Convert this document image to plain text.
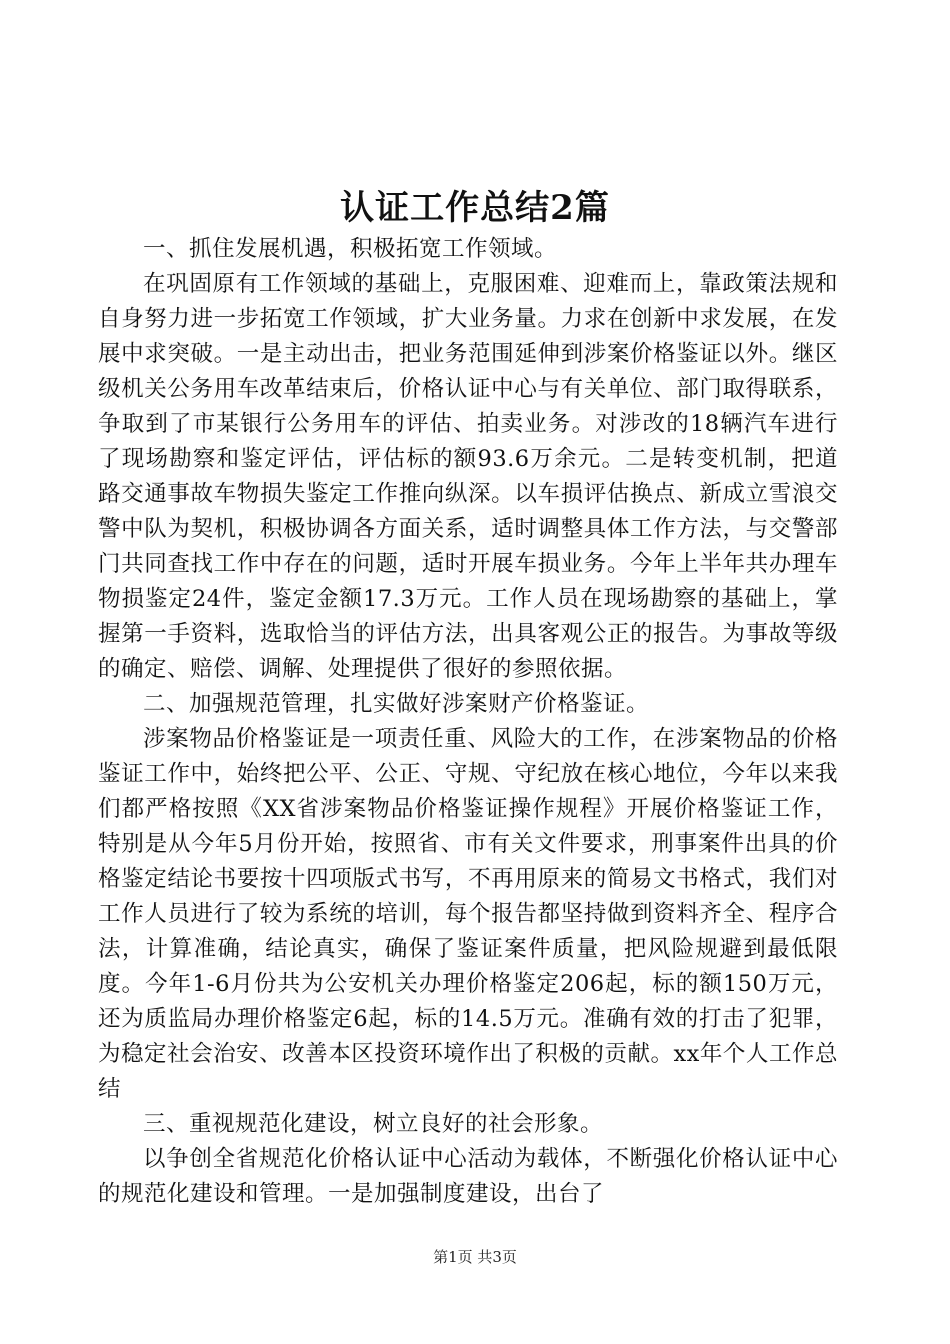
认证工作总结2篇

一、抓住发展机遇，积极拓宽工作领域。

在巩固原有工作领域的基础上，克服困难、迎难而上，靠政策法规和自身努力进一步拓宽工作领域，扩大业务量。力求在创新中求发展，在发展中求突破。一是主动出击，把业务范围延伸到涉案价格鉴证以外。继区级机关公务用车改革结束后，价格认证中心与有关单位、部门取得联系，争取到了市某银行公务用车的评估、拍卖业务。对涉改的18辆汽车进行了现场勘察和鉴定评估，评估标的额93.6万余元。二是转变机制，把道路交通事故车物损失鉴定工作推向纵深。以车损评估换点、新成立雪浪交警中队为契机，积极协调各方面关系，适时调整具体工作方法，与交警部门共同查找工作中存在的问题，适时开展车损业务。今年上半年共办理车物损鉴定24件，鉴定金额17.3万元。工作人员在现场勘察的基础上，掌握第一手资料，选取恰当的评估方法，出具客观公正的报告。为事故等级的确定、赔偿、调解、处理提供了很好的参照依据。

二、加强规范管理，扎实做好涉案财产价格鉴证。

涉案物品价格鉴证是一项责任重、风险大的工作，在涉案物品的价格鉴证工作中，始终把公平、公正、守规、守纪放在核心地位，今年以来我们都严格按照《XX省涉案物品价格鉴证操作规程》开展价格鉴证工作，特别是从今年5月份开始，按照省、市有关文件要求，刑事案件出具的价格鉴定结论书要按十四项版式书写，不再用原来的简易文书格式，我们对工作人员进行了较为系统的培训，每个报告都坚持做到资料齐全、程序合法，计算准确，结论真实，确保了鉴证案件质量，把风险规避到最低限度。今年1-6月份共为公安机关办理价格鉴定206起，标的额150万元，还为质监局办理价格鉴定6起，标的14.5万元。准确有效的打击了犯罪，为稳定社会治安、改善本区投资环境作出了积极的贡献。xx年个人工作总结

三、重视规范化建设，树立良好的社会形象。

以争创全省规范化价格认证中心活动为载体，不断强化价格认证中心的规范化建设和管理。一是加强制度建设，出台了

第1页 共3页
